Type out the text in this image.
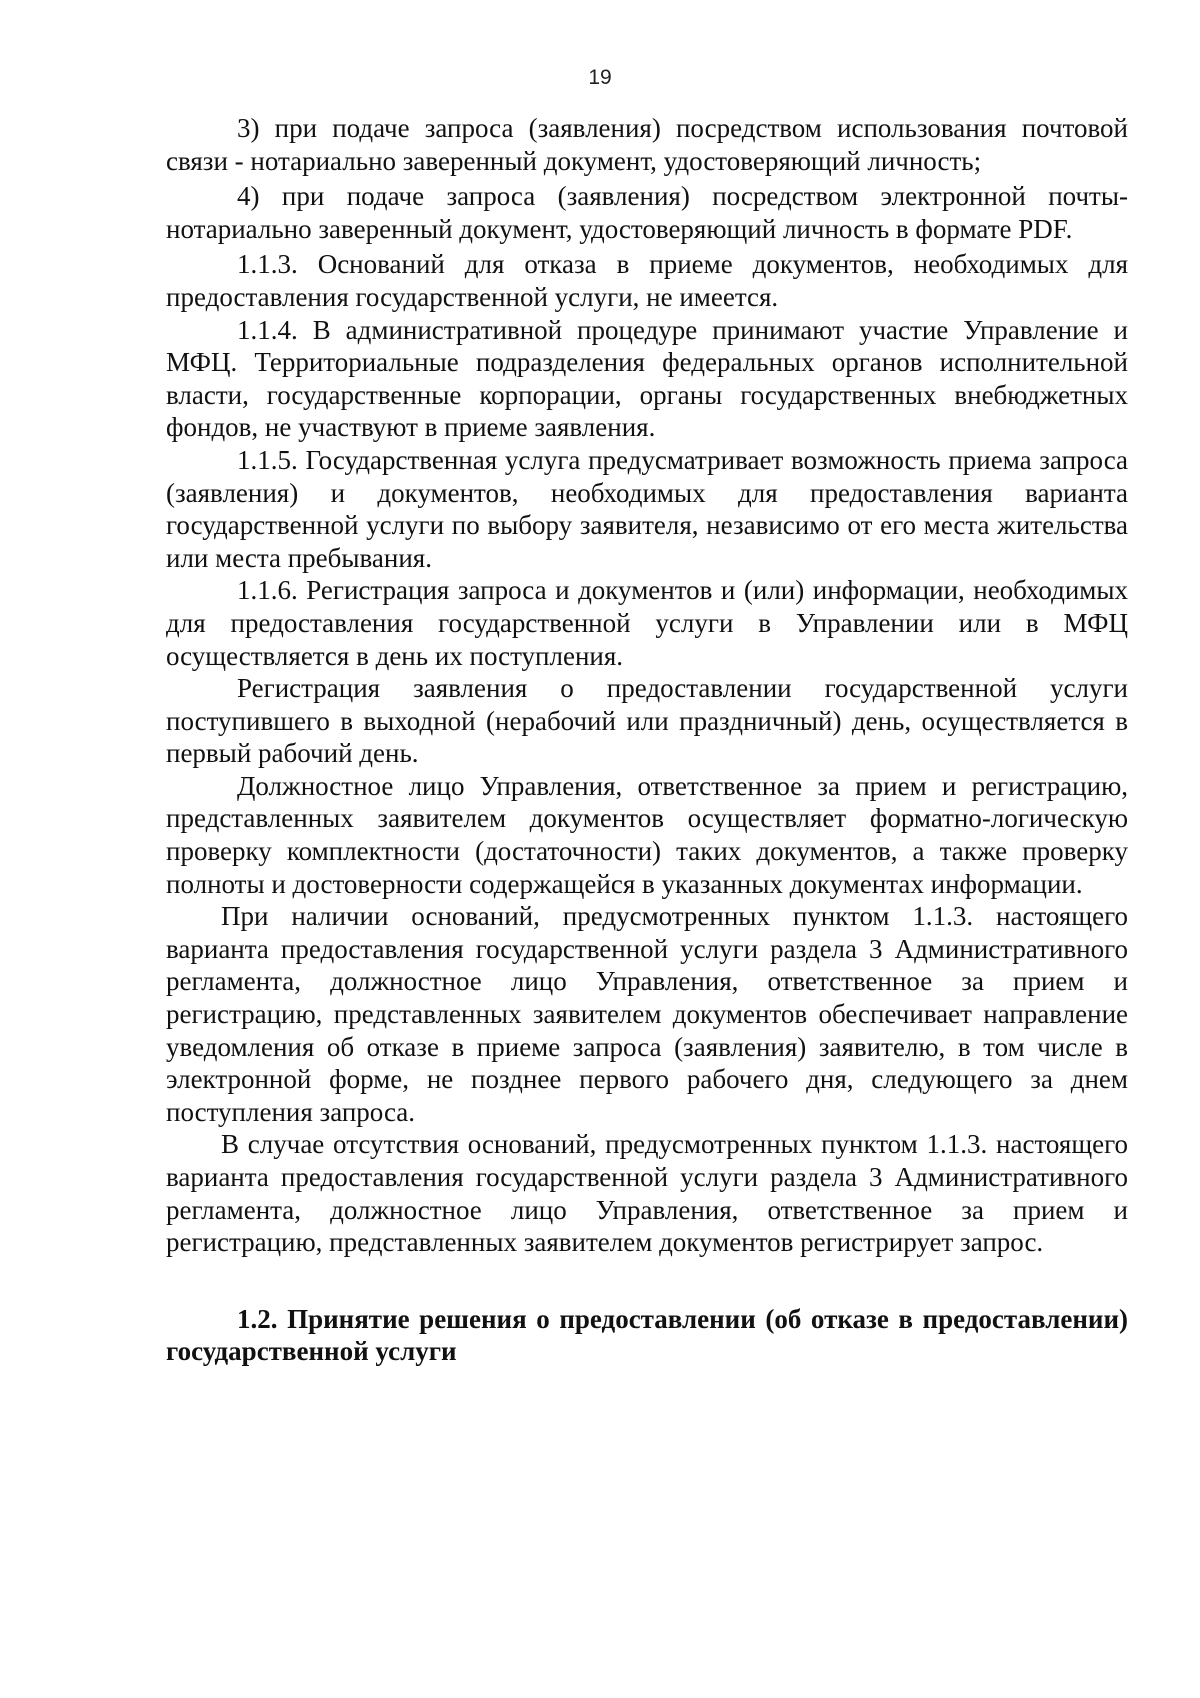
19

3) при подаче запроса (заявления) посредством использования почтовой связи - нотариально заверенный документ, удостоверяющий личность;

4) при подаче запроса (заявления) посредством электронной почты-нотариально заверенный документ, удостоверяющий личность в формате PDF.

1.1.3. Оснований для отказа в приеме документов, необходимых для предоставления государственной услуги, не имеется.

1.1.4. В административной процедуре принимают участие Управление и МФЦ. Территориальные подразделения федеральных органов исполнительной власти, государственные корпорации, органы государственных внебюджетных фондов, не участвуют в приеме заявления.

1.1.5. Государственная услуга предусматривает возможность приема запроса (заявления) и документов, необходимых для предоставления варианта государственной услуги по выбору заявителя, независимо от его места жительства или места пребывания.

1.1.6. Регистрация запроса и документов и (или) информации, необходимых для предоставления государственной услуги в Управлении или в МФЦ осуществляется в день их поступления.

Регистрация заявления о предоставлении государственной услуги поступившего в выходной (нерабочий или праздничный) день, осуществляется в первый рабочий день.

Должностное лицо Управления, ответственное за прием и регистрацию, представленных заявителем документов осуществляет форматно-логическую проверку комплектности (достаточности) таких документов, а также проверку полноты и достоверности содержащейся в указанных документах информации.

При наличии оснований, предусмотренных пунктом 1.1.3. настоящего варианта предоставления государственной услуги раздела 3 Административного регламента, должностное лицо Управления, ответственное за прием и регистрацию, представленных заявителем документов обеспечивает направление уведомления об отказе в приеме запроса (заявления) заявителю, в том числе в электронной форме, не позднее первого рабочего дня, следующего за днем поступления запроса.

В случае отсутствия оснований, предусмотренных пунктом 1.1.3. настоящего варианта предоставления государственной услуги раздела 3 Административного регламента, должностное лицо Управления, ответственное за прием и регистрацию, представленных заявителем документов регистрирует запрос.

1.2. Принятие решения о предоставлении (об отказе в предоставлении) государственной услуги
